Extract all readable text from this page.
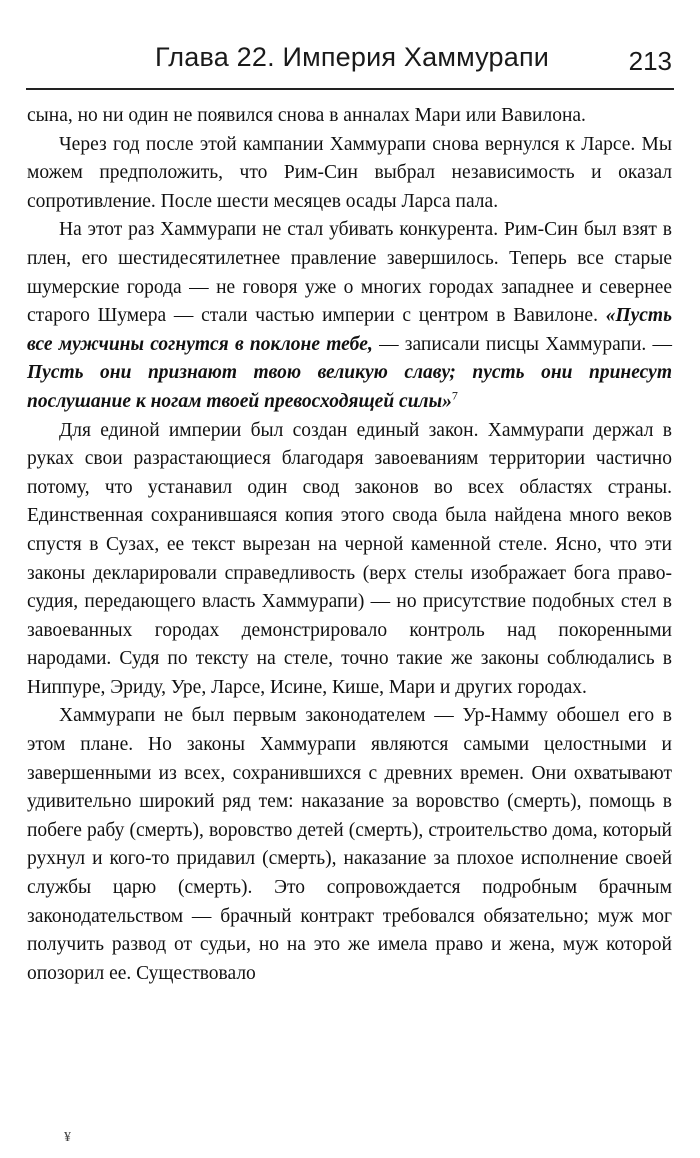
Глава 22. Империя Хаммурапи	213

сына, но ни один не появился снова в анналах Мари или Вавилона.

Через год после этой кампании Хаммурапи снова вернулся к Ларсе. Мы можем предположить, что Рим-Син выбрал независимость и оказал сопротивление. После шести месяцев осады Ларса пала.

На этот раз Хаммурапи не стал убивать конкурента. Рим-Син был взят в плен, его шестидесятилетнее правление завершилось. Теперь все старые шумерские города — не говоря уже о многих городах западнее и севернее старого Шумера — стали частью империи с центром в Вавилоне. «Пусть все мужчины согнутся в поклоне тебе, — записали писцы Хаммурапи. — Пусть они признают твою великую славу; пусть они принесут послушание к ногам твоей превосходящей силы»$^7$

Для единой империи был создан единый закон. Хаммурапи держал в руках свои разрастающиеся благодаря завоеваниям территории частично потому, что устанавил один свод законов во всех областях страны. Единственная сохранившаяся копия этого свода была найдена много веков спустя в Сузах, ее текст вырезан на черной каменной стеле. Ясно, что эти законы декларировали справедливость (верх стелы изображает бога правосудия, передающего власть Хаммурапи) — но присутствие подобных стел в завоеванных городах демонстрировало контроль над покоренными народами. Судя по тексту на стеле, точно такие же законы соблюдались в Ниппуре, Эриду, Уре, Ларсе, Исине, Кише, Мари и других городах.

Хаммурапи не был первым законодателем — Ур-Намму обошел его в этом плане. Но законы Хаммурапи являются самыми целостными и завершенными из всех, сохранившихся с древних времен. Они охватывают удивительно широкий ряд тем: наказание за воровство (смерть), помощь в побеге рабу (смерть), воровство детей (смерть), строительство дома, который рухнул и кого-то придавил (смерть), наказание за плохое исполнение своей службы царю (смерть). Это сопровождается подробным брачным законодательством — брачный контракт требовался обязательно; муж мог получить развод от судьи, но на это же имела право и жена, муж которой опозорил ее. Существовало

¥
